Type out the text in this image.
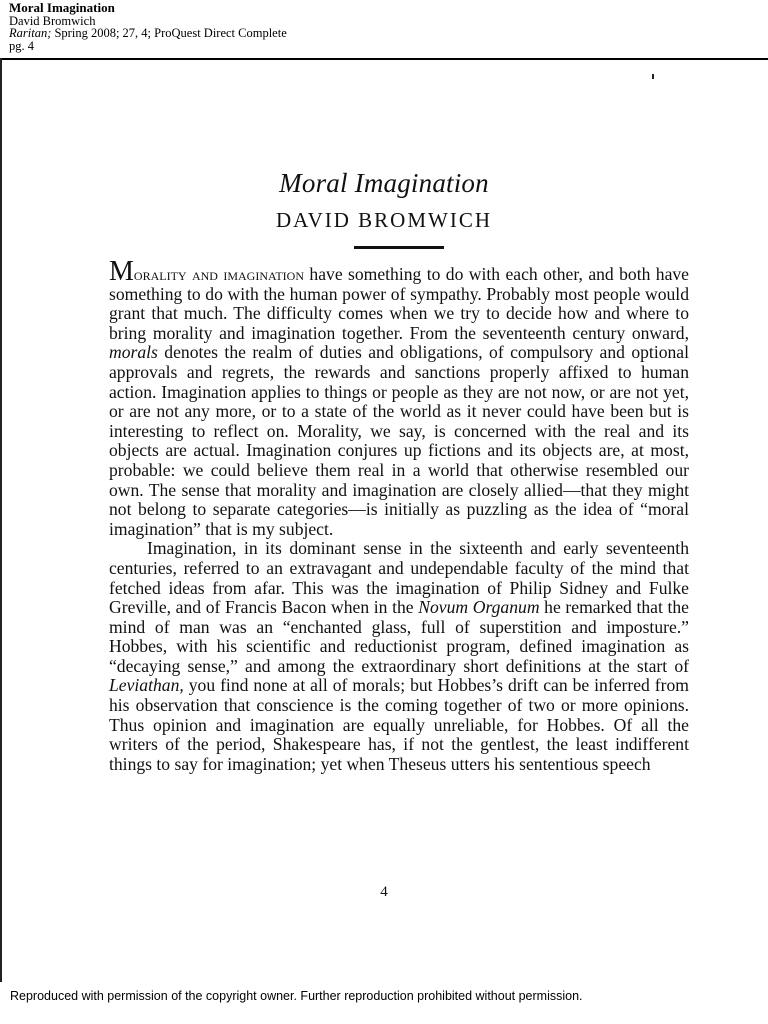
Moral Imagination
David Bromwich
Raritan; Spring 2008; 27, 4; ProQuest Direct Complete
pg. 4
Moral Imagination
DAVID BROMWICH

Morality and imagination have something to do with each other, and both have something to do with the human power of sympathy. Probably most people would grant that much. The difficulty comes when we try to decide how and where to bring morality and imagination together. From the seventeenth century onward, morals denotes the realm of duties and obligations, of compulsory and optional approvals and regrets, the rewards and sanctions properly affixed to human action. Imagination applies to things or people as they are not now, or are not yet, or are not any more, or to a state of the world as it never could have been but is interesting to reflect on. Morality, we say, is concerned with the real and its objects are actual. Imagination conjures up fictions and its objects are, at most, probable: we could believe them real in a world that otherwise resembled our own. The sense that morality and imagination are closely allied—that they might not belong to separate categories—is initially as puzzling as the idea of “moral imagination” that is my subject.

Imagination, in its dominant sense in the sixteenth and early seventeenth centuries, referred to an extravagant and undependable faculty of the mind that fetched ideas from afar. This was the imagination of Philip Sidney and Fulke Greville, and of Francis Bacon when in the Novum Organum he remarked that the mind of man was an “enchanted glass, full of superstition and imposture.” Hobbes, with his scientific and reductionist program, defined imagination as “decaying sense,” and among the extraordinary short definitions at the start of Leviathan, you find none at all of morals; but Hobbes’s drift can be inferred from his observation that conscience is the coming together of two or more opinions. Thus opinion and imagination are equally unreliable, for Hobbes. Of all the writers of the period, Shakespeare has, if not the gentlest, the least indifferent things to say for imagination; yet when Theseus utters his sententious speech

4
Reproduced with permission of the copyright owner. Further reproduction prohibited without permission.
